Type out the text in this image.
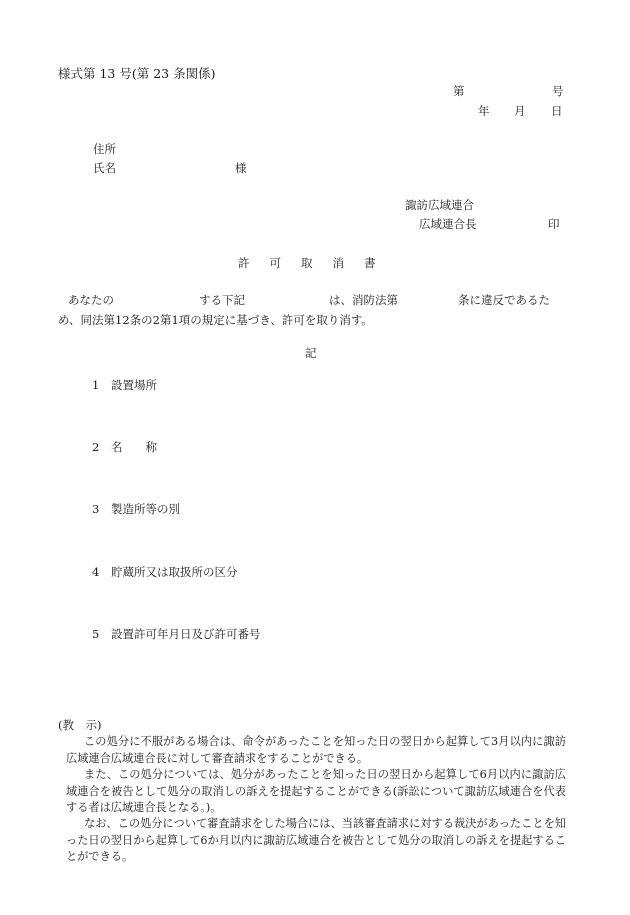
様式第 13 号(第 23 条関係)
第	号
年 月 日
住所
氏名	様
諏訪広域連合
広域連合長	印
許 可 取 消 書
あなたの	する下記	は、消防法第	条に違反であるた
め、同法第12条の2第1項の規定に基づき、許可を取り消す。
記
1 設置場所
2 名　　称
3 製造所等の別
4 貯蔵所又は取扱所の区分
5 設置許可年月日及び許可番号
(教　示)
この処分に不服がある場合は、命令があったことを知った日の翌日から起算して3月以内に諏訪広域連合広域連合長に対して審査請求をすることができる。
また、この処分については、処分があったことを知った日の翌日から起算して6月以内に諏訪広域連合を被告として処分の取消しの訴えを提起することができる(訴訟について諏訪広域連合を代表する者は広域連合長となる。)。
なお、この処分について審査請求をした場合には、当該審査請求に対する裁決があったことを知った日の翌日から起算して6か月以内に諏訪広域連合を被告として処分の取消しの訴えを提起することができる。
